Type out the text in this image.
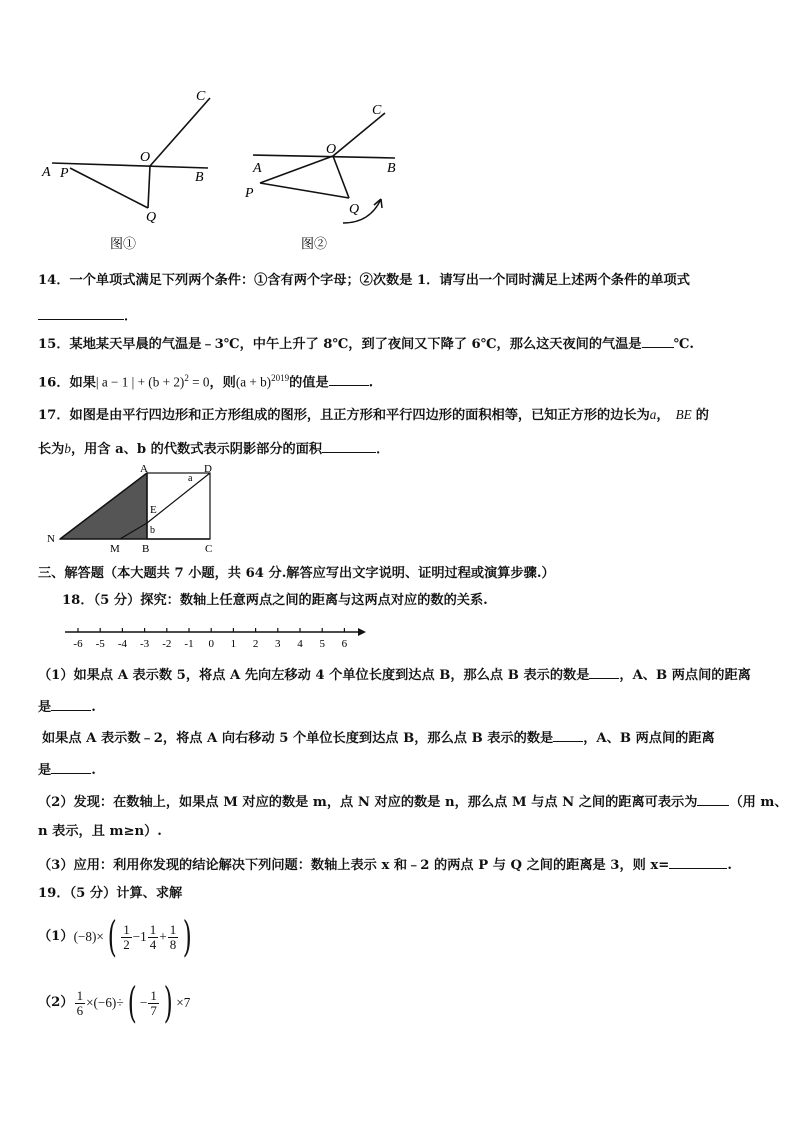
C
O
A P	B
Q
图①
C
O
A	B
P
Q
图②
14．一个单项式满足下列两个条件：①含有两个字母；②次数是 1．请写出一个同时满足上述两个条件的单项式
．
15．某地某天早晨的气温是﹣3℃，中午上升了 8℃，到了夜间又下降了 6℃，那么这天夜间的气温是 ℃.
16．如果| a − 1 | + $(b + 2)^2 = 0$，则$(a + b)^{2019}$的值是	.
17．如图是由平行四边形和正方形组成的图形，且正方形和平行四边形的面积相等，已知正方形的边长为a， BE 的
长为b，用含 a、b 的代数式表示阴影部分的面积	．
A	D
a
E
b
N
M B	C
三、解答题（本大题共 7 小题，共 64 分.解答应写出文字说明、证明过程或演算步骤.）
18．（5 分）探究：数轴上任意两点之间的距离与这两点对应的数的关系.
-6 -5 -4 -3 -2 -1 0 1 2 3 4 5 6
（1）如果点 A 表示数 5，将点 A 先向左移动 4 个单位长度到达点 B，那么点 B 表示的数是 ，A、B 两点间的距离
是	.
如果点 A 表示数﹣2，将点 A 向右移动 5 个单位长度到达点 B，那么点 B 表示的数是 ，A、B 两点间的距离
是	.
（2）发现：在数轴上，如果点 M 对应的数是 m，点 N 对应的数是 n，那么点 M 与点 N 之间的距离可表示为 （用 m、
n 表示，且 m≥n）.
（3）应用：利用你发现的结论解决下列问题：数轴上表示 x 和﹣2 的两点 P 与 Q 之间的距离是 3，则 x=	.
19．（5 分）计算、求解
（1） (−8)× ( $\frac{1}{2} -1 \frac{1}{4} + \frac{1}{8}$ )
$(2) \frac{1}{6} \times(-6)\div$ ( − $\frac{1}{7}$ ) ×7
